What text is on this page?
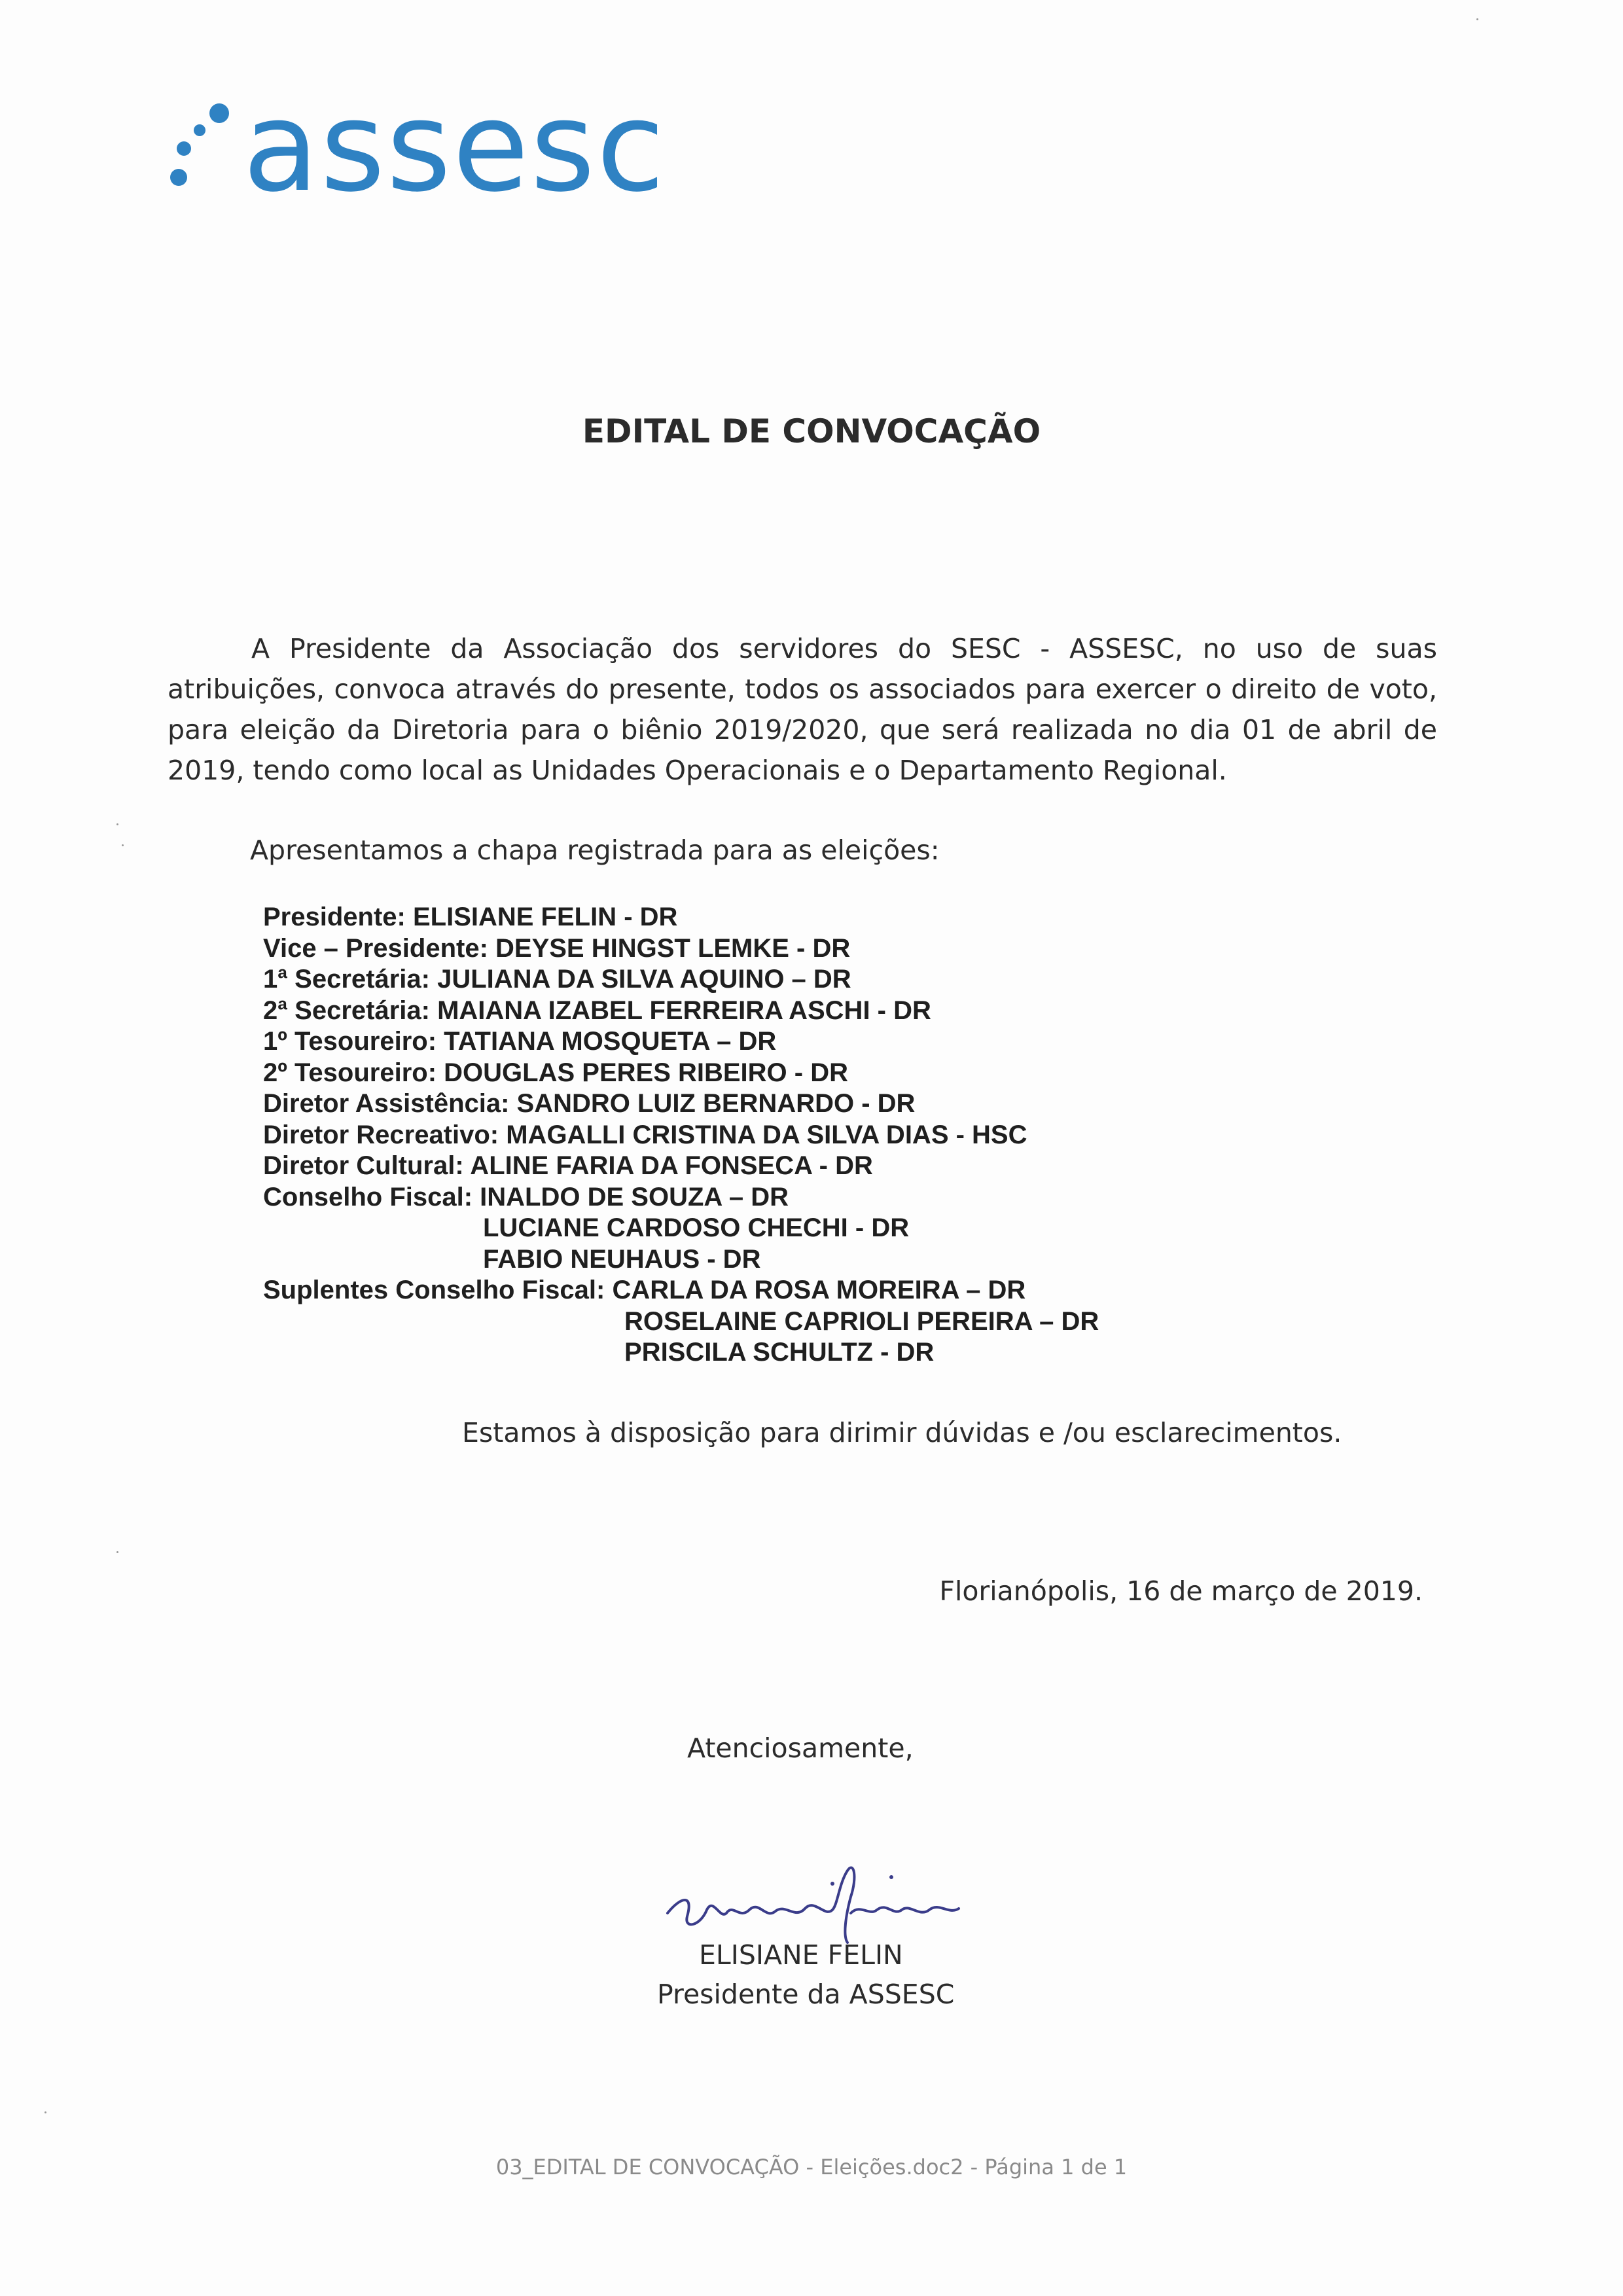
assesc
EDITAL DE CONVOCAÇÃO

A Presidente da Associação dos servidores do SESC - ASSESC, no uso de suas atribuições, convoca através do presente, todos os associados para exercer o direito de voto, para eleição da Diretoria para o biênio 2019/2020, que será realizada no dia 01 de abril de 2019, tendo como local as Unidades Operacionais e o Departamento Regional.

Apresentamos a chapa registrada para as eleições:
Presidente: ELISIANE FELIN - DR
Vice – Presidente: DEYSE HINGST LEMKE - DR
1ª Secretária: JULIANA DA SILVA AQUINO – DR
2ª Secretária: MAIANA IZABEL FERREIRA ASCHI - DR
1º Tesoureiro: TATIANA MOSQUETA – DR
2º Tesoureiro: DOUGLAS PERES RIBEIRO - DR
Diretor Assistência: SANDRO LUIZ BERNARDO - DR
Diretor Recreativo: MAGALLI CRISTINA DA SILVA DIAS - HSC
Diretor Cultural: ALINE FARIA DA FONSECA - DR
Conselho Fiscal: INALDO DE SOUZA – DR
LUCIANE CARDOSO CHECHI - DR
FABIO NEUHAUS - DR
Suplentes Conselho Fiscal: CARLA DA ROSA MOREIRA – DR
ROSELAINE CAPRIOLI PEREIRA – DR
PRISCILA SCHULTZ - DR
Estamos à disposição para dirimir dúvidas e /ou esclarecimentos.
Florianópolis, 16 de março de 2019.
Atenciosamente,
ELISIANE FELIN
Presidente da ASSESC
03_EDITAL DE CONVOCAÇÃO - Eleições.doc2 - Página 1 de 1
